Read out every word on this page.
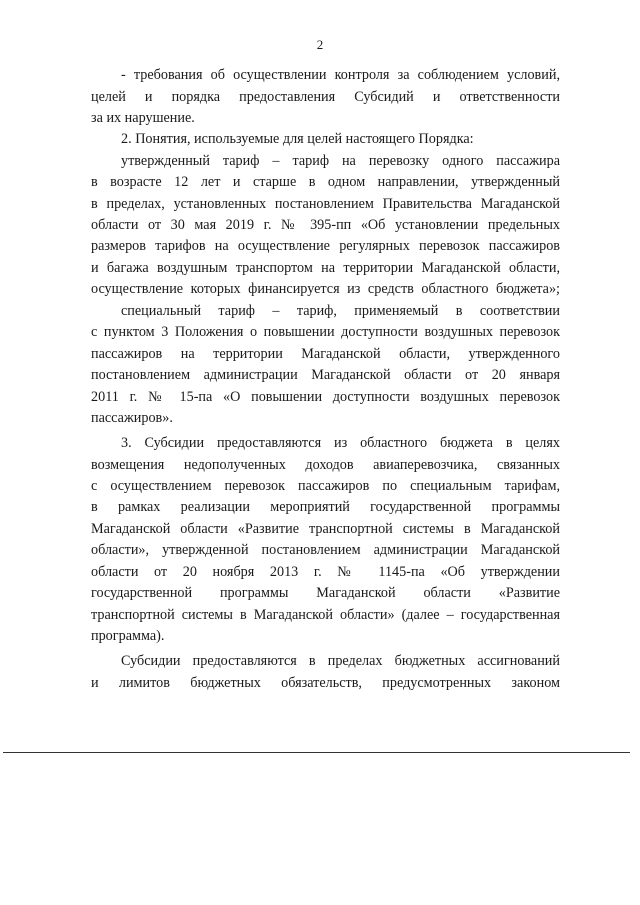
2
- требования об осуществлении контроля за соблюдением условий,
целей и порядка предоставления Субсидий и ответственности
за их нарушение.
2. Понятия, используемые для целей настоящего Порядка:
утвержденный тариф – тариф на перевозку одного пассажира
в возрасте 12 лет и старше в одном направлении, утвержденный
в пределах, установленных постановлением Правительства Магаданской
области от 30 мая 2019 г. № 395-пп «Об установлении предельных
размеров тарифов на осуществление регулярных перевозок пассажиров
и багажа воздушным транспортом на территории Магаданской области,
осуществление которых финансируется из средств областного бюджета»;
специальный тариф – тариф, применяемый в соответствии
с пунктом 3 Положения о повышении доступности воздушных перевозок
пассажиров на территории Магаданской области, утвержденного
постановлением администрации Магаданской области от 20 января
2011 г. № 15-па «О повышении доступности воздушных перевозок
пассажиров».
3. Субсидии предоставляются из областного бюджета в целях
возмещения недополученных доходов авиаперевозчика, связанных
с осуществлением перевозок пассажиров по специальным тарифам,
в рамках реализации мероприятий государственной программы
Магаданской области «Развитие транспортной системы в Магаданской
области», утвержденной постановлением администрации Магаданской
области от 20 ноября 2013 г. № 1145-па «Об утверждении
государственной программы Магаданской области «Развитие
транспортной системы в Магаданской области» (далее – государственная
программа).
Субсидии предоставляются в пределах бюджетных ассигнований
и лимитов бюджетных обязательств, предусмотренных законом
